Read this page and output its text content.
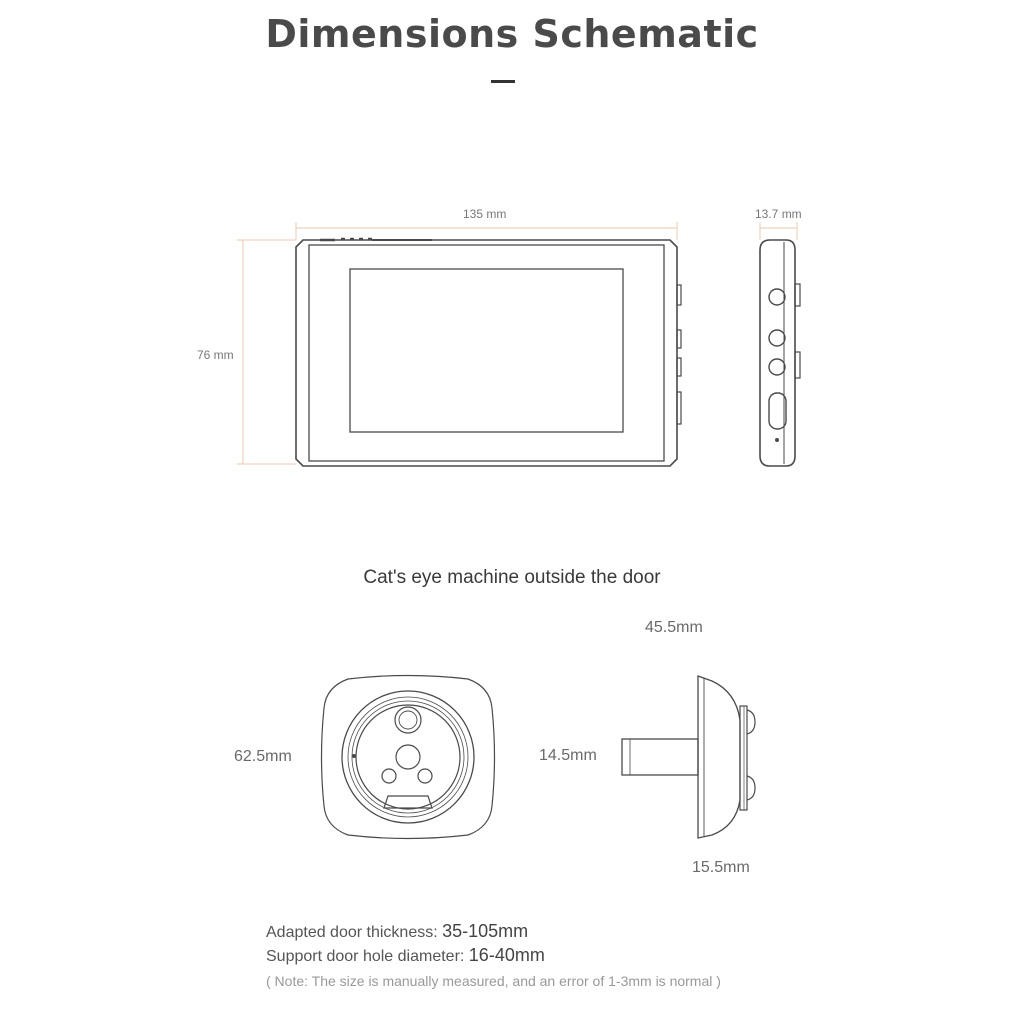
Dimensions Schematic
135 mm
76 mm
13.7 mm
Cat's eye machine outside the door
62.5mm
45.5mm
14.5mm
15.5mm
Adapted door thickness: 35-105mm
Support door hole diameter: 16-40mm
( Note: The size is manually measured, and an error of 1-3mm is normal )
